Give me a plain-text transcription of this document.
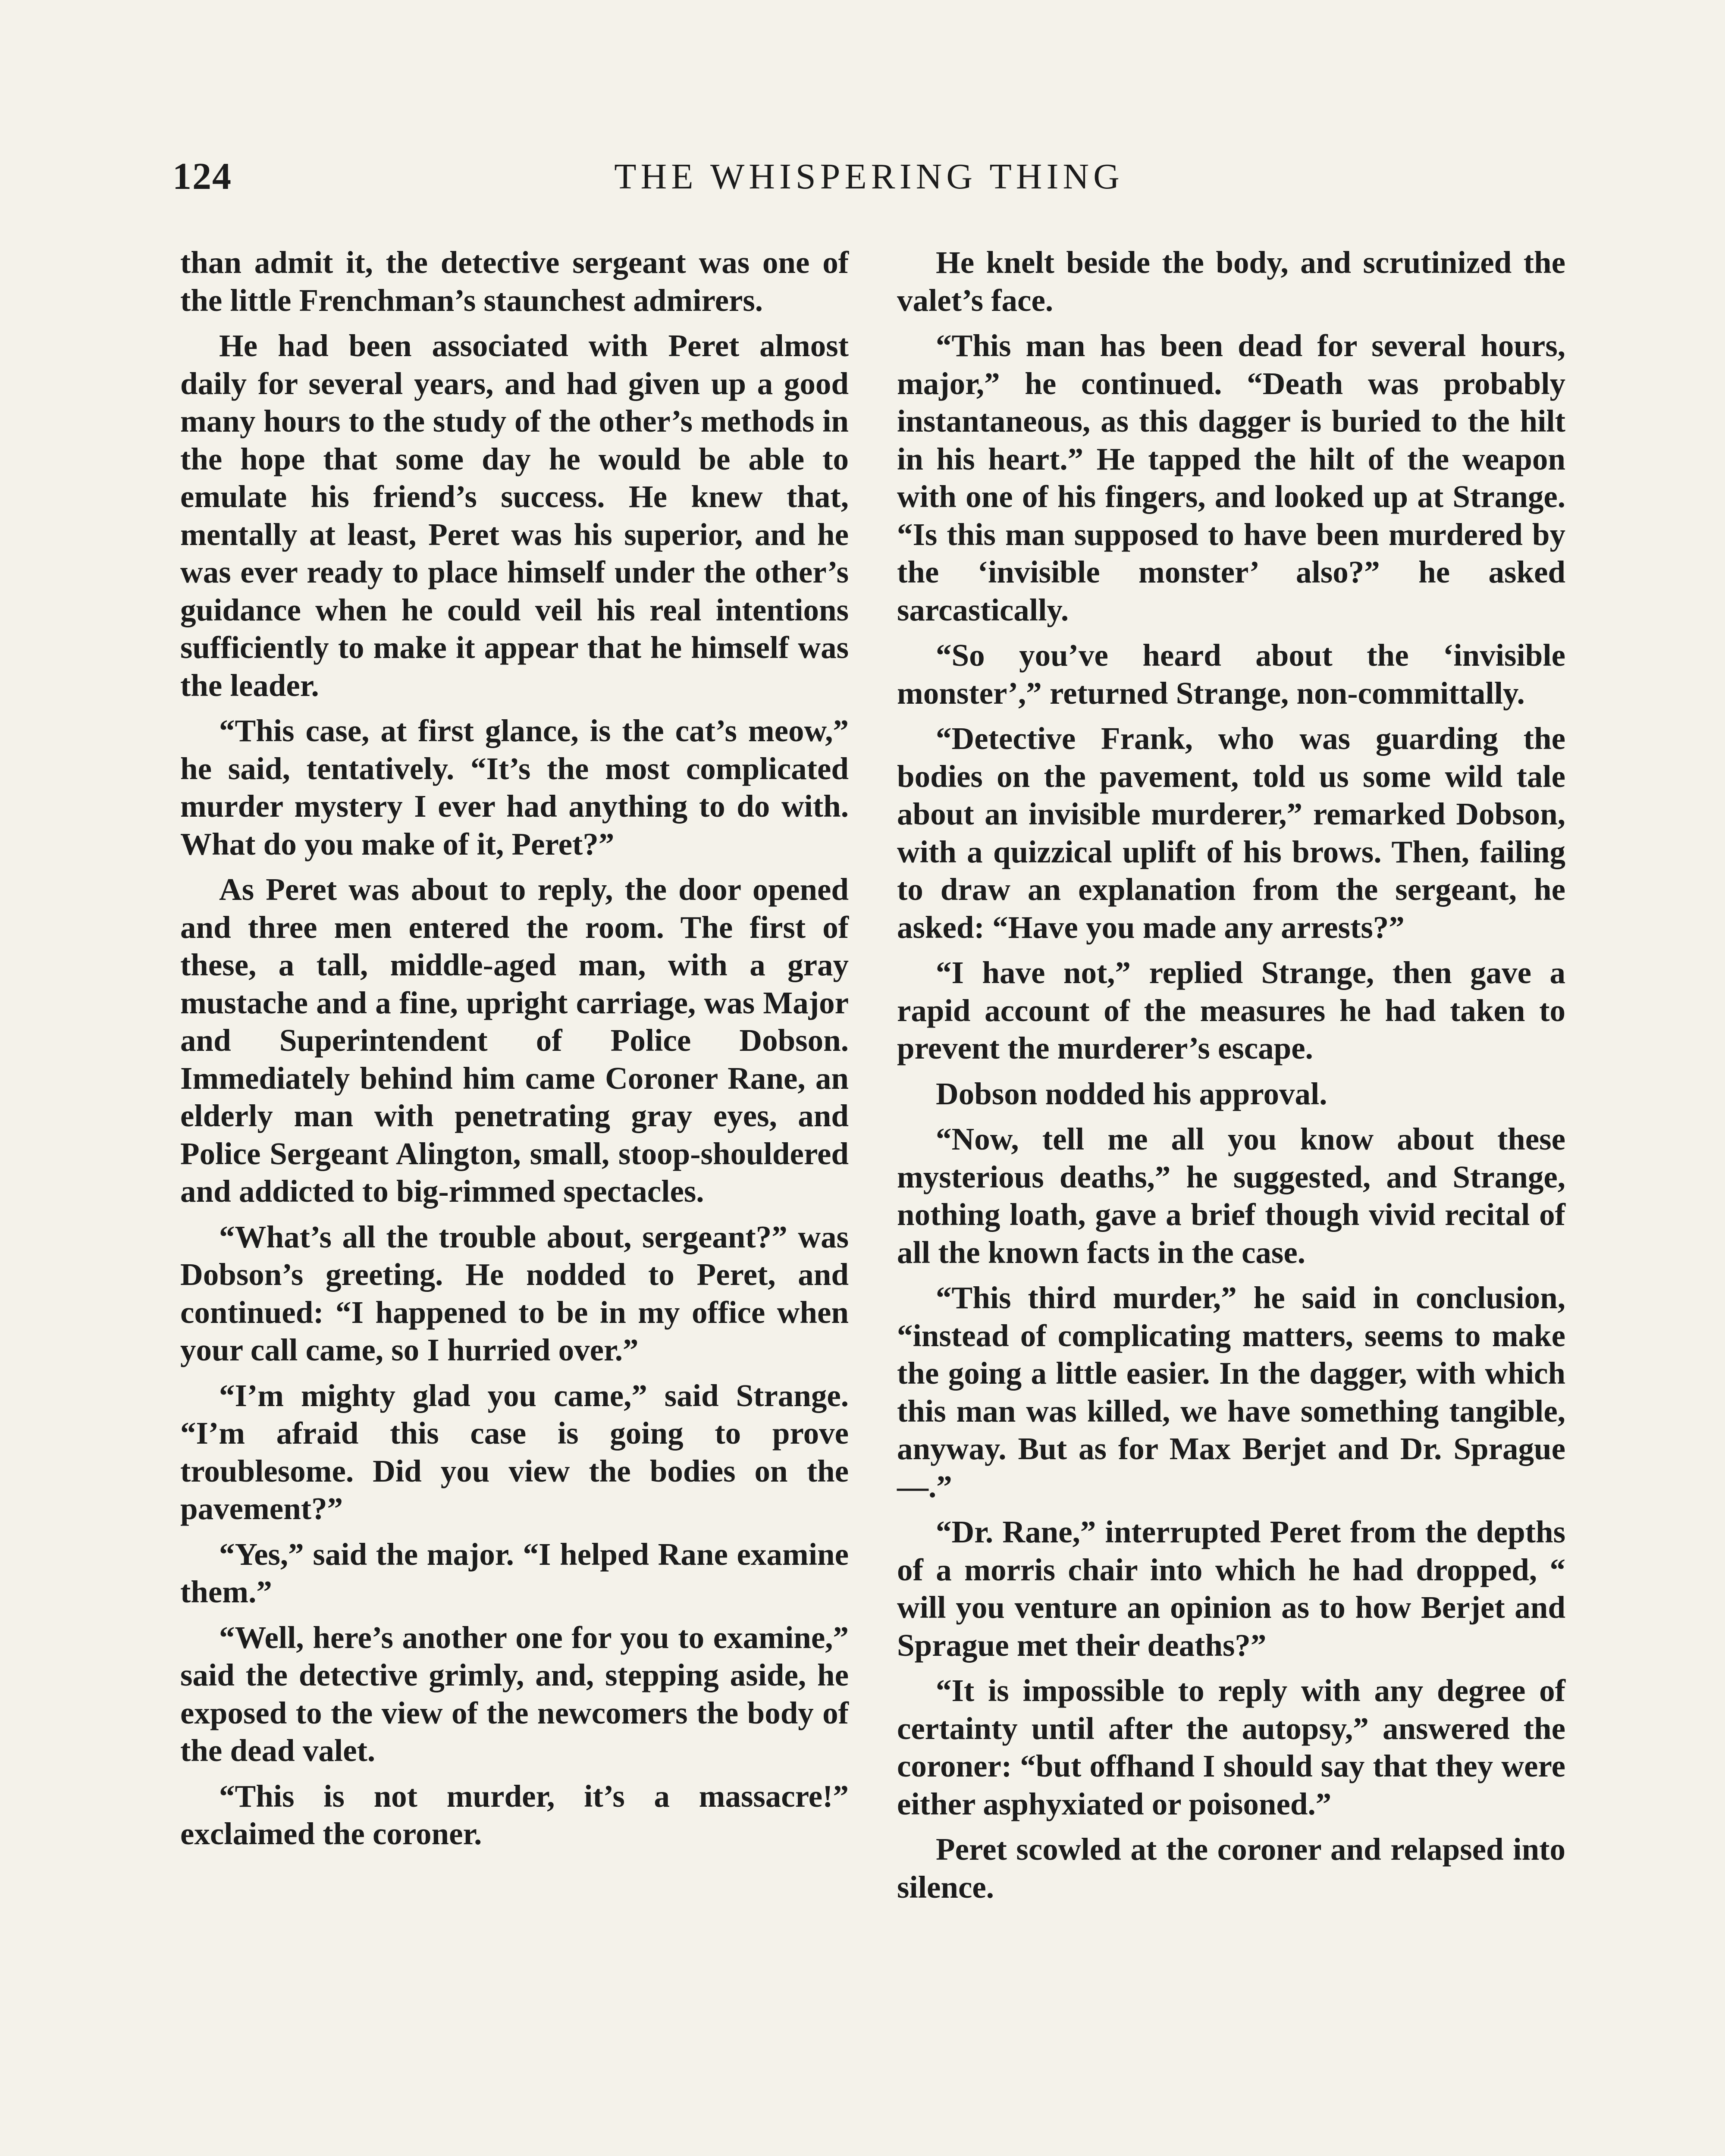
124	THE WHISPERING THING

than admit it, the detective sergeant was one of the little Frenchman’s staunchest admirers.

He had been associated with Peret almost daily for several years, and had given up a good many hours to the study of the other’s methods in the hope that some day he would be able to emulate his friend’s success. He knew that, mentally at least, Peret was his superior, and he was ever ready to place himself under the other’s guidance when he could veil his real intentions sufficiently to make it appear that he himself was the leader.

“This case, at first glance, is the cat’s meow,” he said, tentatively. “It’s the most complicated murder mystery I ever had anything to do with. What do you make of it, Peret?”

As Peret was about to reply, the door opened and three men entered the room. The first of these, a tall, middle-aged man, with a gray mustache and a fine, upright carriage, was Major and Superintendent of Police Dobson. Immediately behind him came Coroner Rane, an elderly man with penetrating gray eyes, and Police Sergeant Alington, small, stoop-shouldered and addicted to big-rimmed spectacles.

“What’s all the trouble about, sergeant?” was Dobson’s greeting. He nodded to Peret, and continued: “I happened to be in my office when your call came, so I hurried over.”

“I’m mighty glad you came,” said Strange. “I’m afraid this case is going to prove troublesome. Did you view the bodies on the pavement?”

“Yes,” said the major. “I helped Rane examine them.”

“Well, here’s another one for you to examine,” said the detective grimly, and, stepping aside, he exposed to the view of the newcomers the body of the dead valet.

“This is not murder, it’s a massacre!” exclaimed the coroner.

He knelt beside the body, and scrutinized the valet’s face.

“This man has been dead for several hours, major,” he continued. “Death was probably instantaneous, as this dagger is buried to the hilt in his heart.” He tapped the hilt of the weapon with one of his fingers, and looked up at Strange. “Is this man supposed to have been murdered by the ‘invisible monster’ also?” he asked sarcastically.

“So you’ve heard about the ‘invisible monster’,” returned Strange, non-committally.

“Detective Frank, who was guarding the bodies on the pavement, told us some wild tale about an invisible murderer,” remarked Dobson, with a quizzical uplift of his brows. Then, failing to draw an explanation from the sergeant, he asked: “Have you made any arrests?”

“I have not,” replied Strange, then gave a rapid account of the measures he had taken to prevent the murderer’s escape.

Dobson nodded his approval.

“Now, tell me all you know about these mysterious deaths,” he suggested, and Strange, nothing loath, gave a brief though vivid recital of all the known facts in the case.

“This third murder,” he said in conclusion, “instead of complicating matters, seems to make the going a little easier. In the dagger, with which this man was killed, we have something tangible, anyway. But as for Max Berjet and Dr. Sprague—.”

“Dr. Rane,” interrupted Peret from the depths of a morris chair into which he had dropped, “ will you venture an opinion as to how Berjet and Sprague met their deaths?”

“It is impossible to reply with any degree of certainty until after the autopsy,” answered the coroner: “but offhand I should say that they were either asphyxiated or poisoned.”

Peret scowled at the coroner and relapsed into silence.
